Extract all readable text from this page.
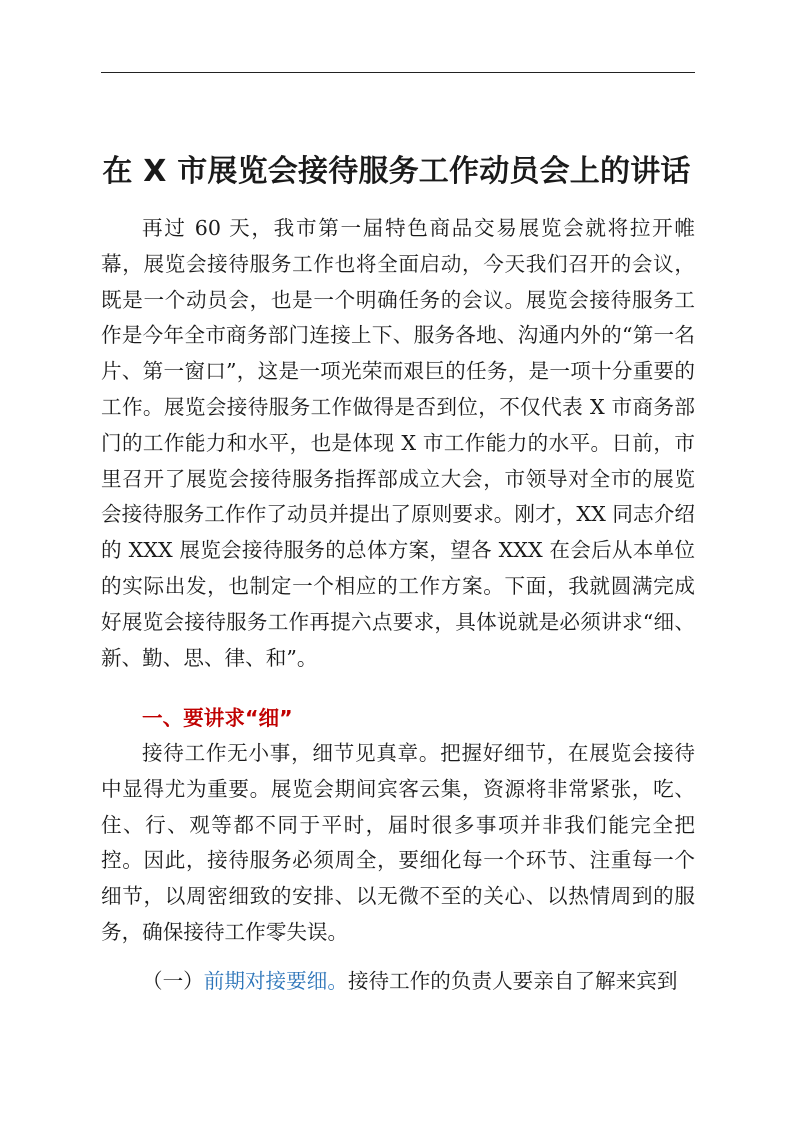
在 X 市展览会接待服务工作动员会上的讲话

再过 60 天，我市第一届特色商品交易展览会就将拉开帷幕，展览会接待服务工作也将全面启动，今天我们召开的会议，既是一个动员会，也是一个明确任务的会议。展览会接待服务工作是今年全市商务部门连接上下、服务各地、沟通内外的“第一名片、第一窗口”，这是一项光荣而艰巨的任务，是一项十分重要的工作。展览会接待服务工作做得是否到位，不仅代表 X 市商务部门的工作能力和水平，也是体现 X 市工作能力的水平。日前，市里召开了展览会接待服务指挥部成立大会，市领导对全市的展览会接待服务工作作了动员并提出了原则要求。刚才，XX 同志介绍的 XXX 展览会接待服务的总体方案，望各 XXX 在会后从本单位的实际出发，也制定一个相应的工作方案。下面，我就圆满完成好展览会接待服务工作再提六点要求，具体说就是必须讲求“细、新、勤、思、律、和”。

一、要讲求“细”

接待工作无小事，细节见真章。把握好细节，在展览会接待中显得尤为重要。展览会期间宾客云集，资源将非常紧张，吃、住、行、观等都不同于平时，届时很多事项并非我们能完全把控。因此，接待服务必须周全，要细化每一个环节、注重每一个细节，以周密细致的安排、以无微不至的关心、以热情周到的服务，确保接待工作零失误。

（一）前期对接要细。接待工作的负责人要亲自了解来宾到
